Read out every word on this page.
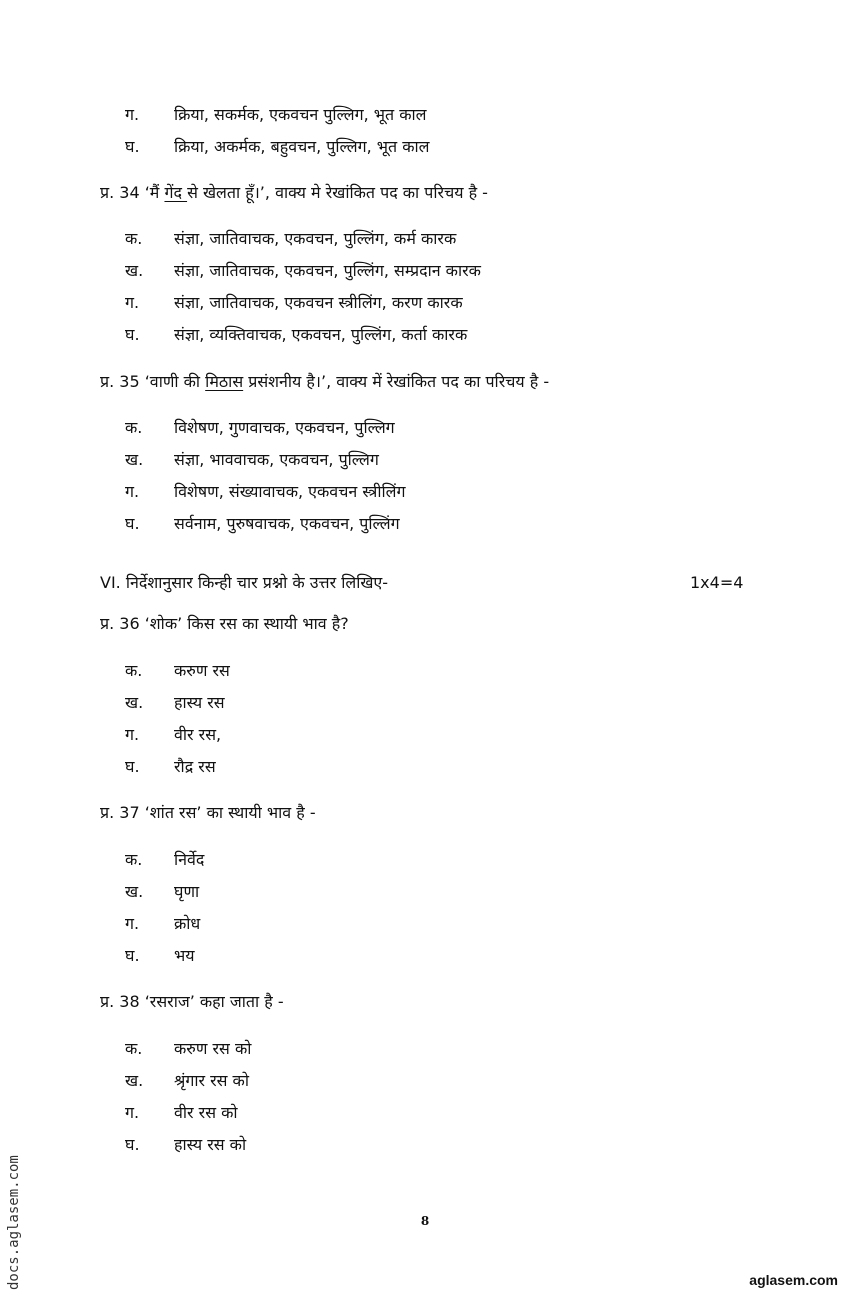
ग. क्रिया, सकर्मक, एकवचन पुल्लिग, भूत काल
घ. क्रिया, अकर्मक, बहुवचन, पुल्लिग, भूत काल
प्र. 34 ‘मैं गेंद से खेलता हूँ।’, वाक्य मे रेखांकित पद का परिचय है -
क. संज्ञा, जातिवाचक, एकवचन, पुल्लिंग, कर्म कारक
ख. संज्ञा, जातिवाचक, एकवचन, पुल्लिंग, सम्प्रदान कारक
ग. संज्ञा, जातिवाचक, एकवचन स्त्रीलिंग, करण कारक
घ. संज्ञा, व्यक्तिवाचक, एकवचन, पुल्लिंग, कर्ता कारक
प्र. 35 ‘वाणी की मिठास प्रसंशनीय है।’, वाक्य में रेखांकित पद का परिचय है -
क. विशेषण, गुणवाचक, एकवचन, पुल्लिग
ख. संज्ञा, भाववाचक, एकवचन, पुल्लिग
ग. विशेषण, संख्यावाचक, एकवचन स्त्रीलिंग
घ. सर्वनाम, पुरुषवाचक, एकवचन, पुल्लिंग
VI. निर्देशानुसार किन्ही चार प्रश्नो के उत्तर लिखिए-	1x4=4
प्र. 36 ‘शोक’ किस रस का स्थायी भाव है?
क. करुण रस
ख. हास्य रस
ग. वीर रस,
घ. रौद्र रस
प्र. 37 ‘शांत रस’ का स्थायी भाव है -
क. निर्वेद
ख. घृणा
ग. क्रोध
घ. भय
प्र. 38 ‘रसराज’ कहा जाता है -
क. करुण रस को
ख. श्रृंगार रस को
ग. वीर रस को
घ. हास्य रस को
8
docs.aglasem.com	aglasem.com
